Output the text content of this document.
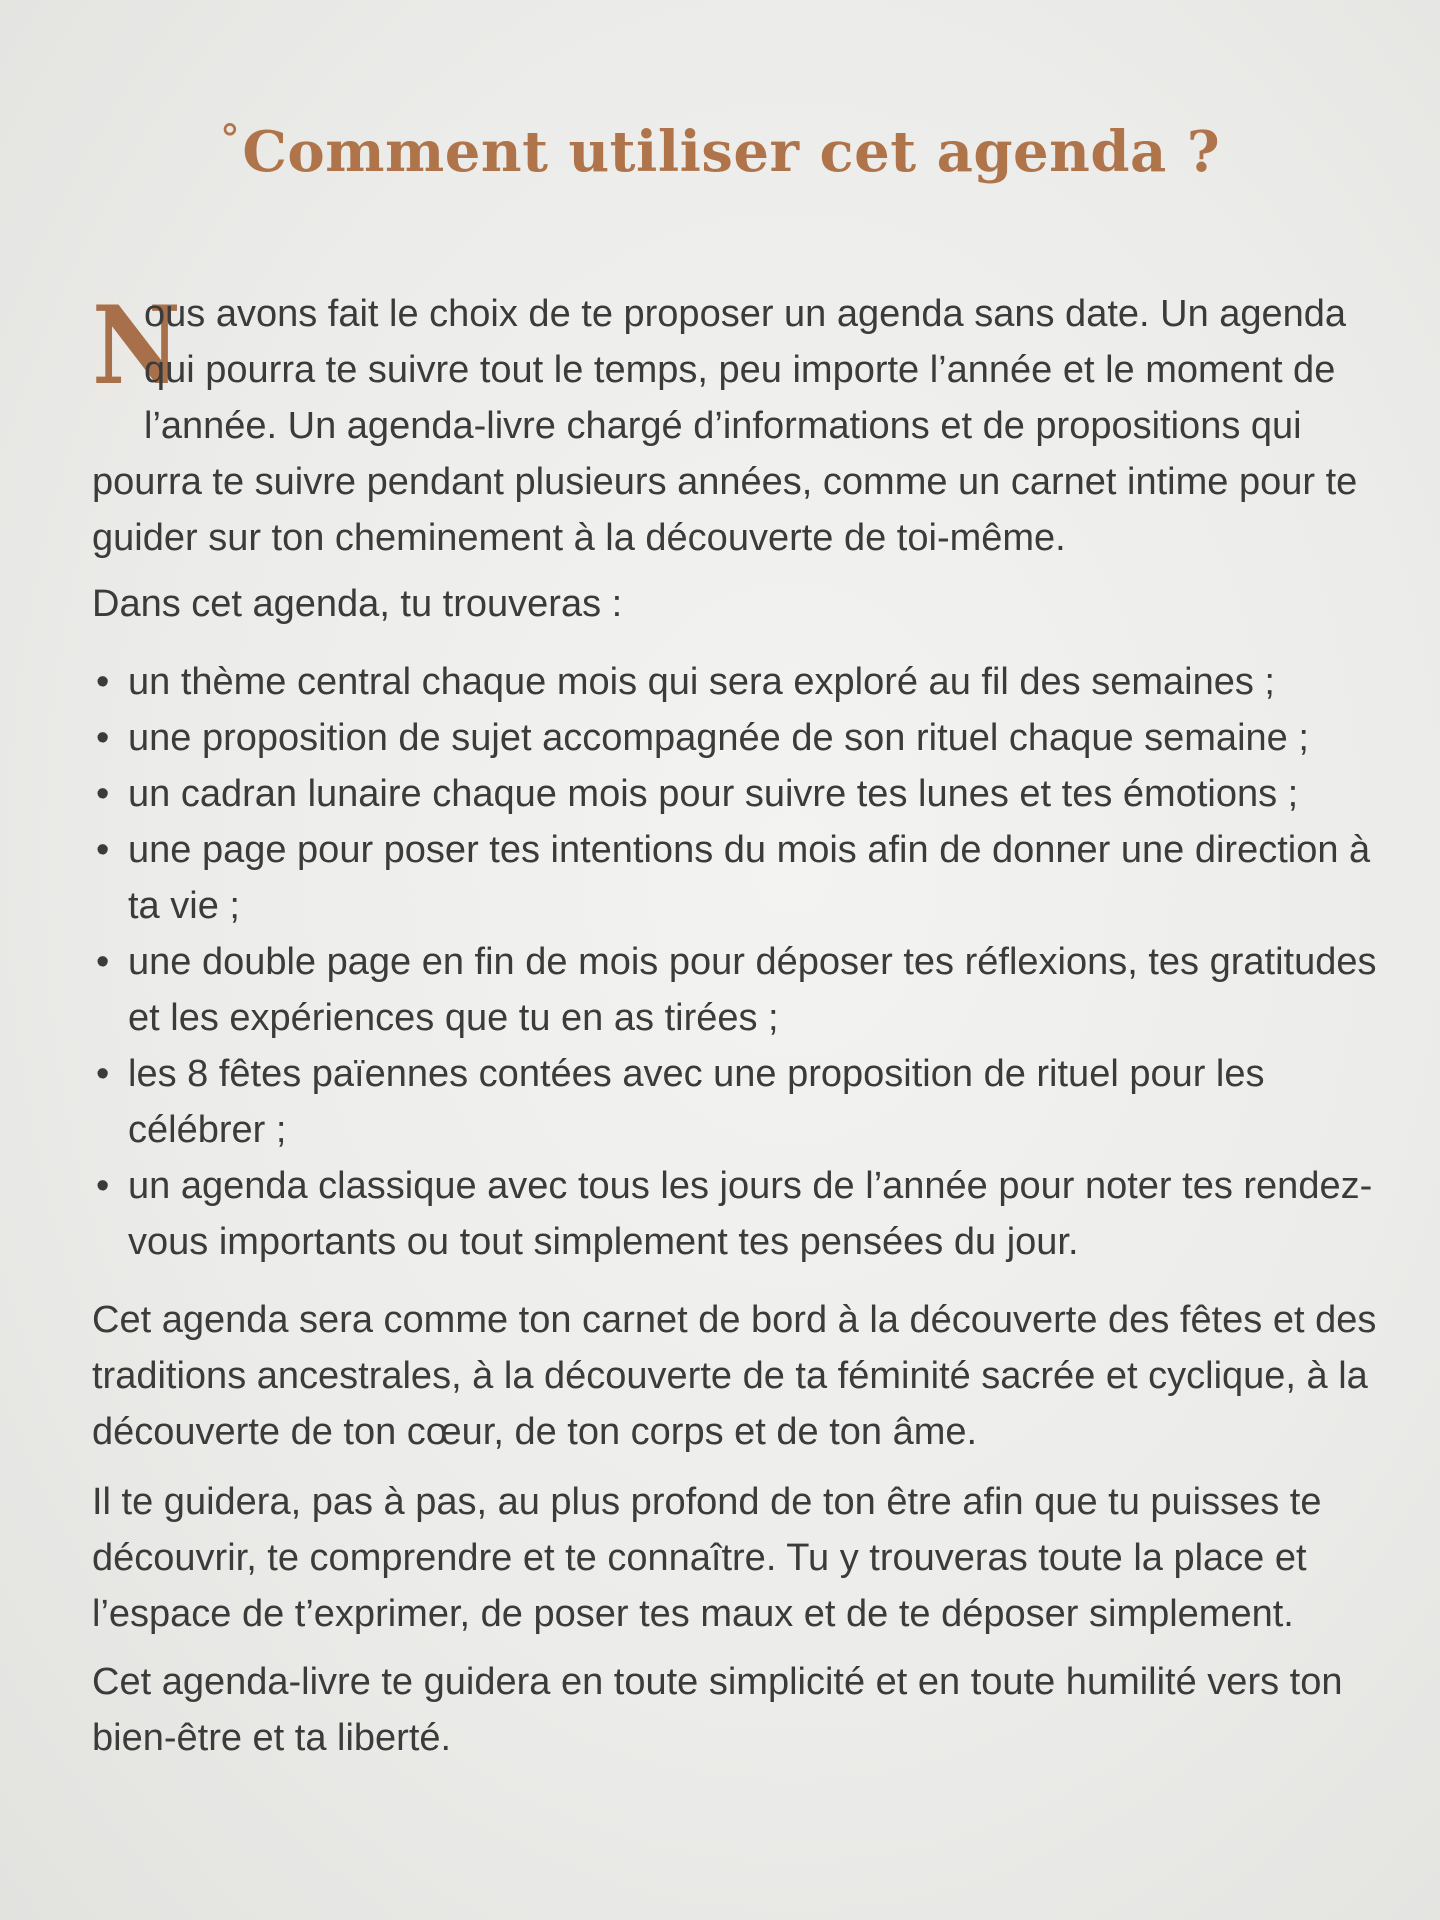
°Comment utiliser cet agenda ?

N
ous avons fait le choix de te proposer un agenda sans date. Un agenda qui pourra te suivre tout le temps, peu importe l’année et le moment de l’année. Un agenda-livre chargé d’informations et de propositions qui pourra te suivre pendant plusieurs années, comme un carnet intime pour te guider sur ton cheminement à la découverte de toi-même.

Dans cet agenda, tu trouveras :

• un thème central chaque mois qui sera exploré au fil des semaines ;
• une proposition de sujet accompagnée de son rituel chaque semaine ;
• un cadran lunaire chaque mois pour suivre tes lunes et tes émotions ;
• une page pour poser tes intentions du mois afin de donner une direction à ta vie ;
• une double page en fin de mois pour déposer tes réflexions, tes gratitudes et les expériences que tu en as tirées ;
• les 8 fêtes païennes contées avec une proposition de rituel pour les célébrer ;
• un agenda classique avec tous les jours de l’année pour noter tes rendez-vous importants ou tout simplement tes pensées du jour.

Cet agenda sera comme ton carnet de bord à la découverte des fêtes et des traditions ancestrales, à la découverte de ta féminité sacrée et cyclique, à la découverte de ton cœur, de ton corps et de ton âme.

Il te guidera, pas à pas, au plus profond de ton être afin que tu puisses te découvrir, te comprendre et te connaître. Tu y trouveras toute la place et l’espace de t’exprimer, de poser tes maux et de te déposer simplement.

Cet agenda-livre te guidera en toute simplicité et en toute humilité vers ton bien-être et ta liberté.
